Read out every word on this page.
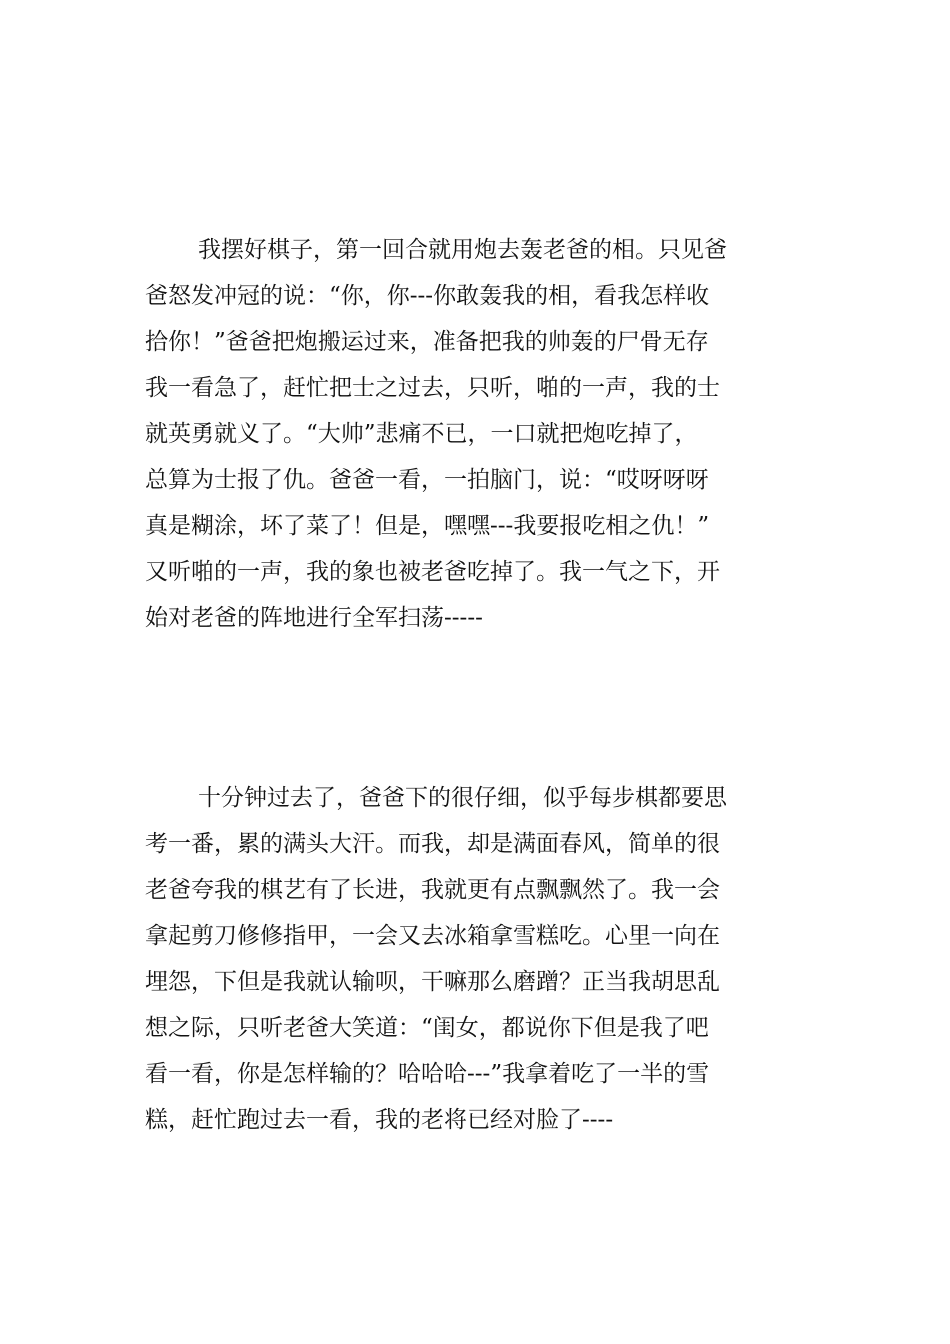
我摆好棋子，第一回合就用炮去轰老爸的相。只见爸
爸怒发冲冠的说：“你，你---你敢轰我的相，看我怎样收
拾你！”爸爸把炮搬运过来，准备把我的帅轰的尸骨无存
我一看急了，赶忙把士之过去，只听，啪的一声，我的士
就英勇就义了。“大帅”悲痛不已，一口就把炮吃掉了，
总算为士报了仇。爸爸一看，一拍脑门，说：“哎呀呀呀
真是糊涂，坏了菜了！但是，嘿嘿---我要报吃相之仇！”
又听啪的一声，我的象也被老爸吃掉了。我一气之下，开
始对老爸的阵地进行全军扫荡-----
十分钟过去了，爸爸下的很仔细，似乎每步棋都要思
考一番，累的满头大汗。而我，却是满面春风，简单的很
老爸夸我的棋艺有了长进，我就更有点飘飘然了。我一会
拿起剪刀修修指甲，一会又去冰箱拿雪糕吃。心里一向在
埋怨，下但是我就认输呗，干嘛那么磨蹭？正当我胡思乱
想之际，只听老爸大笑道：“闺女，都说你下但是我了吧
看一看，你是怎样输的？哈哈哈---”我拿着吃了一半的雪
糕，赶忙跑过去一看，我的老将已经对脸了----
